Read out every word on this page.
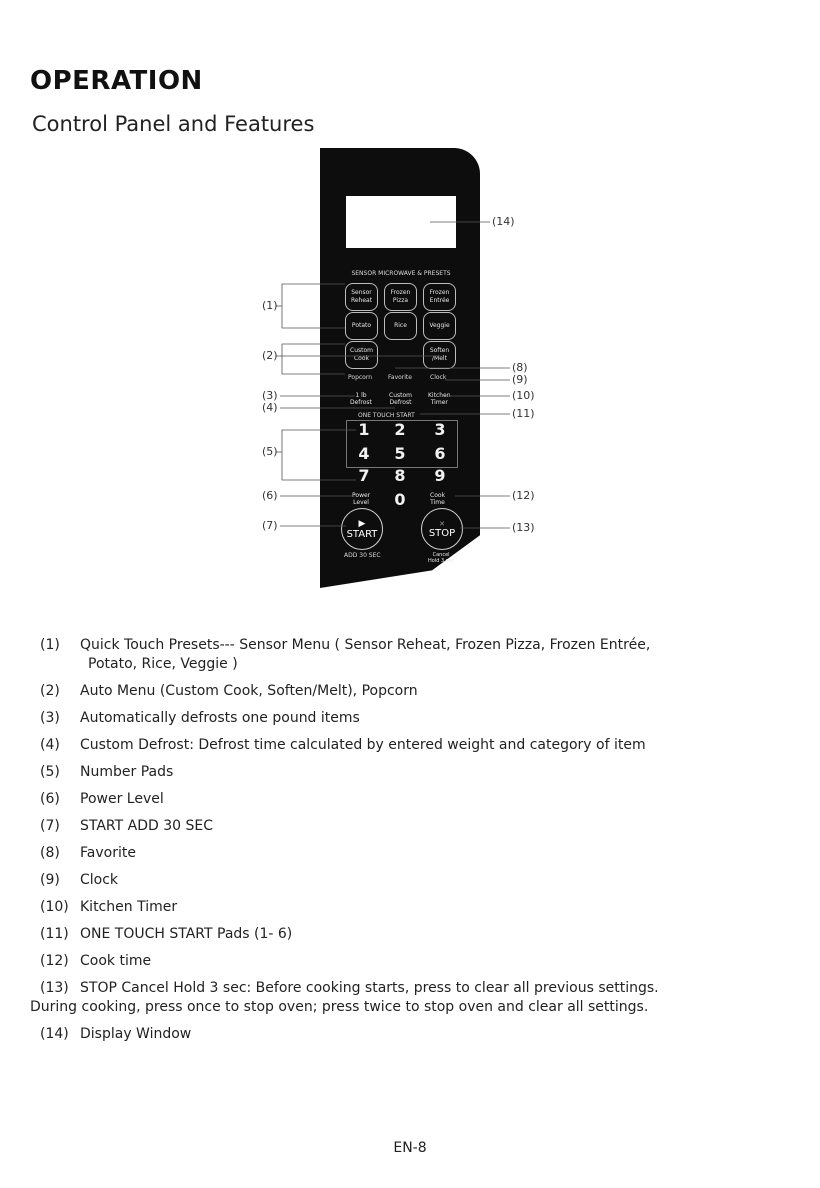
OPERATION
Control Panel and Features
SENSOR MICROWAVE & PRESETS
Sensor
Reheat
Frozen
Pizza
Frozen
Entrée
Potato	Rice	Veggie
Custom
Cook
Soften
/Melt
Popcorn	Favorite	Clock
1 lb
Defrost
Custom
Defrost
Kitchen
Timer
ONE TOUCH START
1 2 3
4 5 6
7 8 9
0
Power
Level
Cook
Time
▶
START
ADD 30 SEC
✕
STOP
Cancel
Hold 3 sec
(14)
(1)
(2)
(3)
(4)
(5)
(6)
(7)
(8)
(9)
(10)
(11)
(12)
(13)
(1) Quick Touch Presets--- Sensor Menu ( Sensor Reheat, Frozen Pizza, Frozen Entrée,
Potato, Rice, Veggie )
(2) Auto Menu (Custom Cook, Soften/Melt), Popcorn
(3) Automatically defrosts one pound items
(4) Custom Defrost: Defrost time calculated by entered weight and category of item
(5) Number Pads
(6) Power Level
(7) START ADD 30 SEC
(8) Favorite
(9) Clock
(10) Kitchen Timer
(11) ONE TOUCH START Pads (1- 6)
(12) Cook time
(13) STOP Cancel Hold 3 sec: Before cooking starts, press to clear all previous settings.
During cooking, press once to stop oven; press twice to stop oven and clear all settings.
(14) Display Window
EN-8
